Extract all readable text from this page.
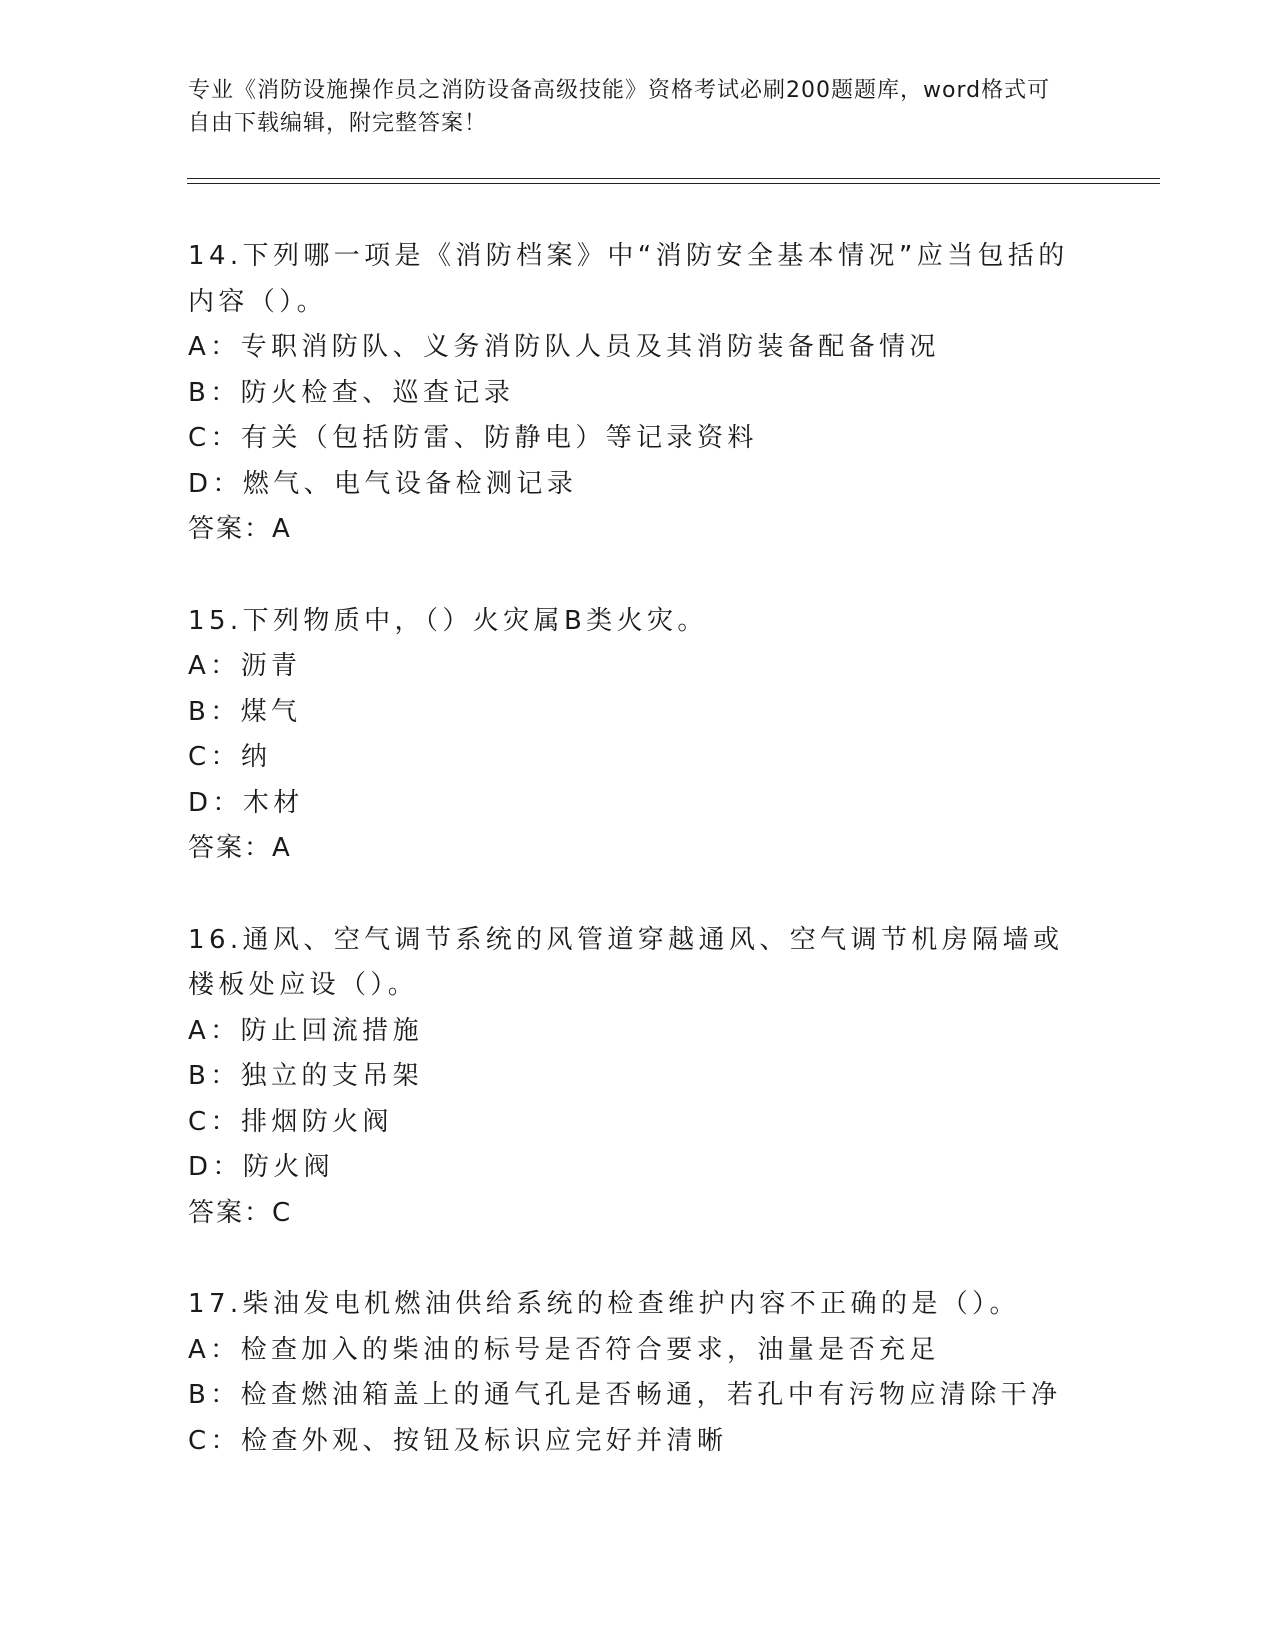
专业《消防设施操作员之消防设备高级技能》资格考试必刷200题题库，word格式可自由下载编辑，附完整答案！
14.下列哪一项是《消防档案》中“消防安全基本情况”应当包括的内容（）。
A：专职消防队、义务消防队人员及其消防装备配备情况
B：防火检查、巡查记录
C：有关（包括防雷、防静电）等记录资料
D：燃气、电气设备检测记录
答案：A
15.下列物质中，（）火灾属B类火灾。
A：沥青
B：煤气
C：纳
D：木材
答案：A
16.通风、空气调节系统的风管道穿越通风、空气调节机房隔墙或楼板处应设（）。
A：防止回流措施
B：独立的支吊架
C：排烟防火阀
D：防火阀
答案：C
17.柴油发电机燃油供给系统的检查维护内容不正确的是（）。
A：检查加入的柴油的标号是否符合要求，油量是否充足
B：检查燃油箱盖上的通气孔是否畅通，若孔中有污物应清除干净
C：检查外观、按钮及标识应完好并清晰
